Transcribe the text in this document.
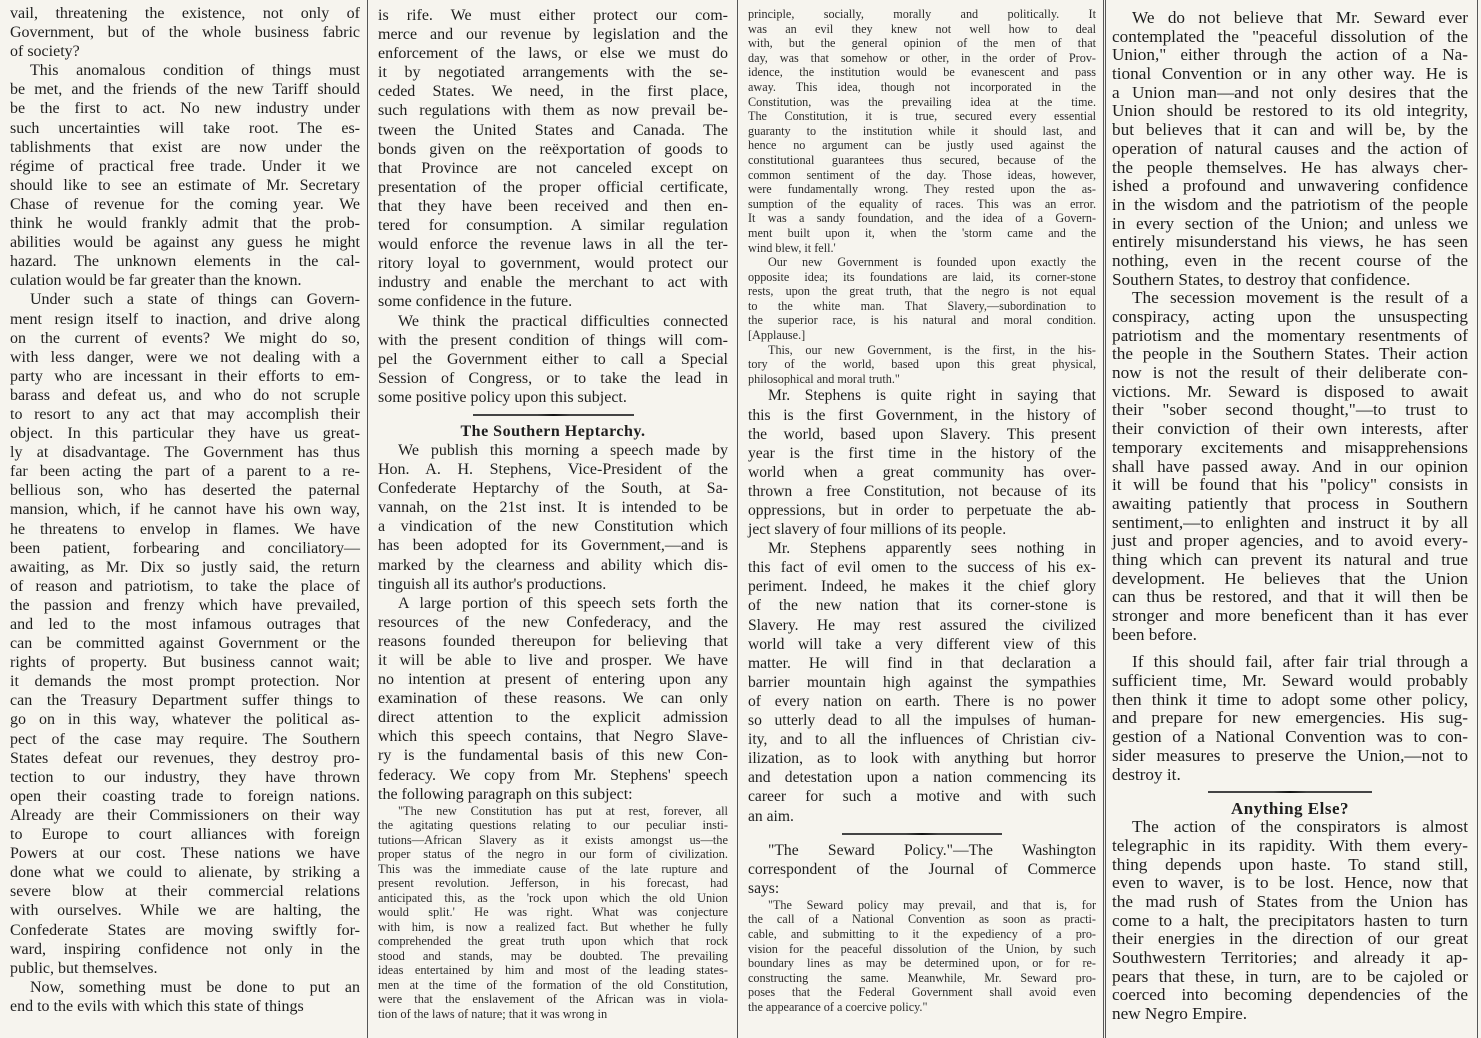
vail, threatening the existence, not only of
Government, but of the whole business fabric
of society?
This anomalous condition of things must
be met, and the friends of the new Tariff should
be the first to act. No new industry under
such uncertainties will take root. The es-
tablishments that exist are now under the
régime of practical free trade. Under it we
should like to see an estimate of Mr. Secretary
Chase of revenue for the coming year. We
think he would frankly admit that the prob-
abilities would be against any guess he might
hazard. The unknown elements in the cal-
culation would be far greater than the known.
Under such a state of things can Govern-
ment resign itself to inaction, and drive along
on the current of events? We might do so,
with less danger, were we not dealing with a
party who are incessant in their efforts to em-
barass and defeat us, and who do not scruple
to resort to any act that may accomplish their
object. In this particular they have us great-
ly at disadvantage. The Government has thus
far been acting the part of a parent to a re-
bellious son, who has deserted the paternal
mansion, which, if he cannot have his own way,
he threatens to envelop in flames. We have
been patient, forbearing and conciliatory—
awaiting, as Mr. Dix so justly said, the return
of reason and patriotism, to take the place of
the passion and frenzy which have prevailed,
and led to the most infamous outrages that
can be committed against Government or the
rights of property. But business cannot wait;
it demands the most prompt protection. Nor
can the Treasury Department suffer things to
go on in this way, whatever the political as-
pect of the case may require. The Southern
States defeat our revenues, they destroy pro-
tection to our industry, they have thrown
open their coasting trade to foreign nations.
Already are their Commissioners on their way
to Europe to court alliances with foreign
Powers at our cost. These nations we have
done what we could to alienate, by striking a
severe blow at their commercial relations
with ourselves. While we are halting, the
Confederate States are moving swiftly for-
ward, inspiring confidence not only in the
public, but themselves.
Now, something must be done to put an
end to the evils with which this state of things
is rife. We must either protect our com-
merce and our revenue by legislation and the
enforcement of the laws, or else we must do
it by negotiated arrangements with the se-
ceded States. We need, in the first place,
such regulations with them as now prevail be-
tween the United States and Canada. The
bonds given on the reëxportation of goods to
that Province are not canceled except on
presentation of the proper official certificate,
that they have been received and then en-
tered for consumption. A similar regulation
would enforce the revenue laws in all the ter-
ritory loyal to government, would protect our
industry and enable the merchant to act with
some confidence in the future.
We think the practical difficulties connected
with the present condition of things will com-
pel the Government either to call a Special
Session of Congress, or to take the lead in
some positive policy upon this subject.
The Southern Heptarchy.
We publish this morning a speech made by
Hon. A. H. Stephens, Vice-President of the
Confederate Heptarchy of the South, at Sa-
vannah, on the 21st inst. It is intended to be
a vindication of the new Constitution which
has been adopted for its Government,—and is
marked by the clearness and ability which dis-
tinguish all its author's productions.
A large portion of this speech sets forth the
resources of the new Confederacy, and the
reasons founded thereupon for believing that
it will be able to live and prosper. We have
no intention at present of entering upon any
examination of these reasons. We can only
direct attention to the explicit admission
which this speech contains, that Negro Slave-
ry is the fundamental basis of this new Con-
federacy. We copy from Mr. Stephens' speech
the following paragraph on this subject:
"The new Constitution has put at rest, forever, all
the agitating questions relating to our peculiar insti-
tutions—African Slavery as it exists amongst us—the
proper status of the negro in our form of civilization.
This was the immediate cause of the late rupture and
present revolution. Jefferson, in his forecast, had
anticipated this, as the 'rock upon which the old Union
would split.' He was right. What was conjecture
with him, is now a realized fact. But whether he fully
comprehended the great truth upon which that rock
stood and stands, may be doubted. The prevailing
ideas entertained by him and most of the leading states-
men at the time of the formation of the old Constitution,
were that the enslavement of the African was in viola-
tion of the laws of nature; that it was wrong in
principle, socially, morally and politically. It
was an evil they knew not well how to deal
with, but the general opinion of the men of that
day, was that somehow or other, in the order of Prov-
idence, the institution would be evanescent and pass
away. This idea, though not incorporated in the
Constitution, was the prevailing idea at the time.
The Constitution, it is true, secured every essential
guaranty to the institution while it should last, and
hence no argument can be justly used against the
constitutional guarantees thus secured, because of the
common sentiment of the day. Those ideas, however,
were fundamentally wrong. They rested upon the as-
sumption of the equality of races. This was an error.
It was a sandy foundation, and the idea of a Govern-
ment built upon it, when the 'storm came and the
wind blew, it fell.'
Our new Government is founded upon exactly the
opposite idea; its foundations are laid, its corner-stone
rests, upon the great truth, that the negro is not equal
to the white man. That Slavery,—subordination to
the superior race, is his natural and moral condition.
[Applause.]
This, our new Government, is the first, in the his-
tory of the world, based upon this great physical,
philosophical and moral truth."
Mr. Stephens is quite right in saying that
this is the first Government, in the history of
the world, based upon Slavery. This present
year is the first time in the history of the
world when a great community has over-
thrown a free Constitution, not because of its
oppressions, but in order to perpetuate the ab-
ject slavery of four millions of its people.
Mr. Stephens apparently sees nothing in
this fact of evil omen to the success of his ex-
periment. Indeed, he makes it the chief glory
of the new nation that its corner-stone is
Slavery. He may rest assured the civilized
world will take a very different view of this
matter. He will find in that declaration a
barrier mountain high against the sympathies
of every nation on earth. There is no power
so utterly dead to all the impulses of human-
ity, and to all the influences of Christian civ-
ilization, as to look with anything but horror
and detestation upon a nation commencing its
career for such a motive and with such
an aim.
"The Seward Policy."—The Washington
correspondent of the Journal of Commerce
says:
"The Seward policy may prevail, and that is, for
the call of a National Convention as soon as practi-
cable, and submitting to it the expediency of a pro-
vision for the peaceful dissolution of the Union, by such
boundary lines as may be determined upon, or for re-
constructing the same. Meanwhile, Mr. Seward pro-
poses that the Federal Government shall avoid even
the appearance of a coercive policy."
We do not believe that Mr. Seward ever
contemplated the "peaceful dissolution of the
Union," either through the action of a Na-
tional Convention or in any other way. He is
a Union man—and not only desires that the
Union should be restored to its old integrity,
but believes that it can and will be, by the
operation of natural causes and the action of
the people themselves. He has always cher-
ished a profound and unwavering confidence
in the wisdom and the patriotism of the people
in every section of the Union; and unless we
entirely misunderstand his views, he has seen
nothing, even in the recent course of the
Southern States, to destroy that confidence.
The secession movement is the result of a
conspiracy, acting upon the unsuspecting
patriotism and the momentary resentments of
the people in the Southern States. Their action
now is not the result of their deliberate con-
victions. Mr. Seward is disposed to await
their "sober second thought,"—to trust to
their conviction of their own interests, after
temporary excitements and misapprehensions
shall have passed away. And in our opinion
it will be found that his "policy" consists in
awaiting patiently that process in Southern
sentiment,—to enlighten and instruct it by all
just and proper agencies, and to avoid every-
thing which can prevent its natural and true
development. He believes that the Union
can thus be restored, and that it will then be
stronger and more beneficent than it has ever
been before.
If this should fail, after fair trial through a
sufficient time, Mr. Seward would probably
then think it time to adopt some other policy,
and prepare for new emergencies. His sug-
gestion of a National Convention was to con-
sider measures to preserve the Union,—not to
destroy it.
Anything Else?
The action of the conspirators is almost
telegraphic in its rapidity. With them every-
thing depends upon haste. To stand still,
even to waver, is to be lost. Hence, now that
the mad rush of States from the Union has
come to a halt, the precipitators hasten to turn
their energies in the direction of our great
Southwestern Territories; and already it ap-
pears that these, in turn, are to be cajoled or
coerced into becoming dependencies of the
new Negro Empire.
